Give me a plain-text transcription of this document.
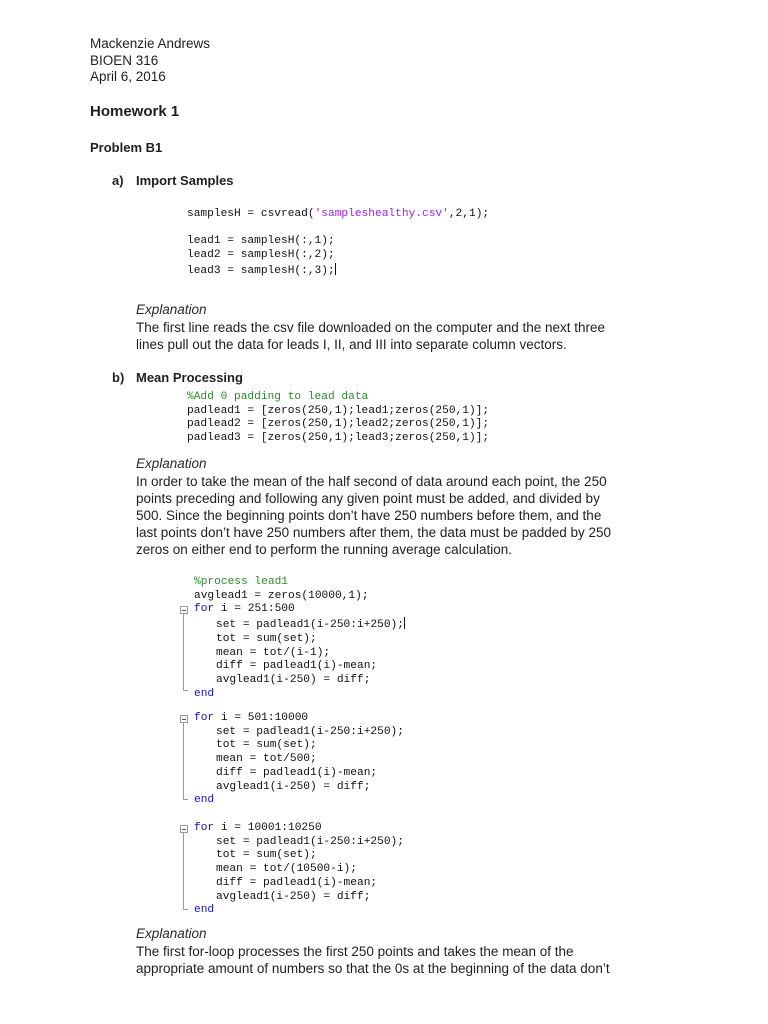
Mackenzie Andrews

BIOEN 316

April 6, 2016

Homework 1

Problem B1

a) Import Samples

samplesH = csvread('sampleshealthy.csv',2,1);

lead1 = samplesH(:,1);
lead2 = samplesH(:,2);
lead3 = samplesH(:,3);

Explanation

The first line reads the csv file downloaded on the computer and the next three
lines pull out the data for leads I, II, and III into separate column vectors.

b) Mean Processing

%Add 0 padding to lead data
padlead1 = [zeros(250,1);lead1;zeros(250,1)];
padlead2 = [zeros(250,1);lead2;zeros(250,1)];
padlead3 = [zeros(250,1);lead3;zeros(250,1)];

Explanation

In order to take the mean of the half second of data around each point, the 250
points preceding and following any given point must be added, and divided by
500. Since the beginning points don’t have 250 numbers before them, and the
last points don’t have 250 numbers after them, the data must be padded by 250
zeros on either end to perform the running average calculation.
%process lead1
avglead1 = zeros(10000,1);
for i = 251:500
set = padlead1(i-250:i+250);
tot = sum(set);
mean = tot/(i-1);
diff = padlead1(i)-mean;
avglead1(i-250) = diff;
end
for i = 501:10000
set = padlead1(i-250:i+250);
tot = sum(set);
mean = tot/500;
diff = padlead1(i)-mean;
avglead1(i-250) = diff;
end
for i = 10001:10250
set = padlead1(i-250:i+250);
tot = sum(set);
mean = tot/(10500-i);
diff = padlead1(i)-mean;
avglead1(i-250) = diff;
end

Explanation

The first for-loop processes the first 250 points and takes the mean of the
appropriate amount of numbers so that the 0s at the beginning of the data don’t
